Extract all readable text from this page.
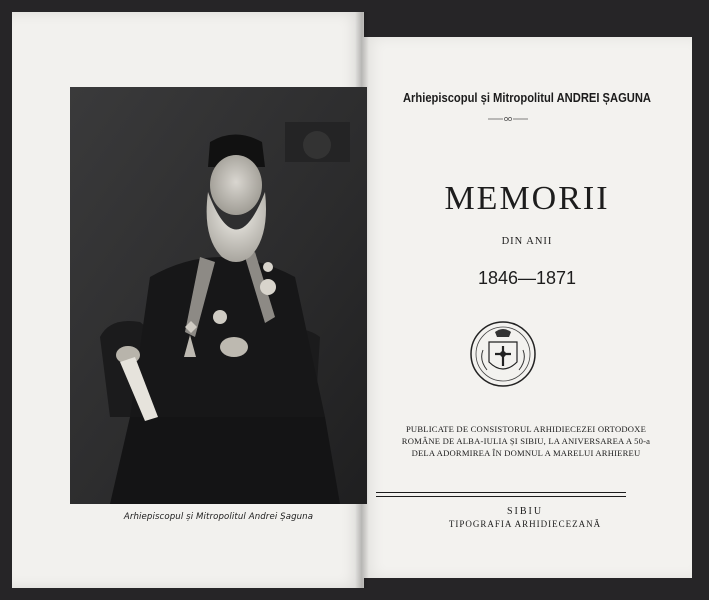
Arhiepiscopul și Mitropolitul Andrei Șaguna
Arhiepiscopul și Mitropolitul ANDREI ȘAGUNA
MEMORII
DIN ANII
1846—1871
PUBLICATE DE CONSISTORUL ARHIDIECEZEI ORTODOXE
ROMÂNE DE ALBA-IULIA ȘI SIBIU, LA ANIVERSAREA A 50-a
DELA ADORMIREA ÎN DOMNUL A MARELUI ARHIEREU
SIBIU
TIPOGRAFIA ARHIDIECEZANĂ
